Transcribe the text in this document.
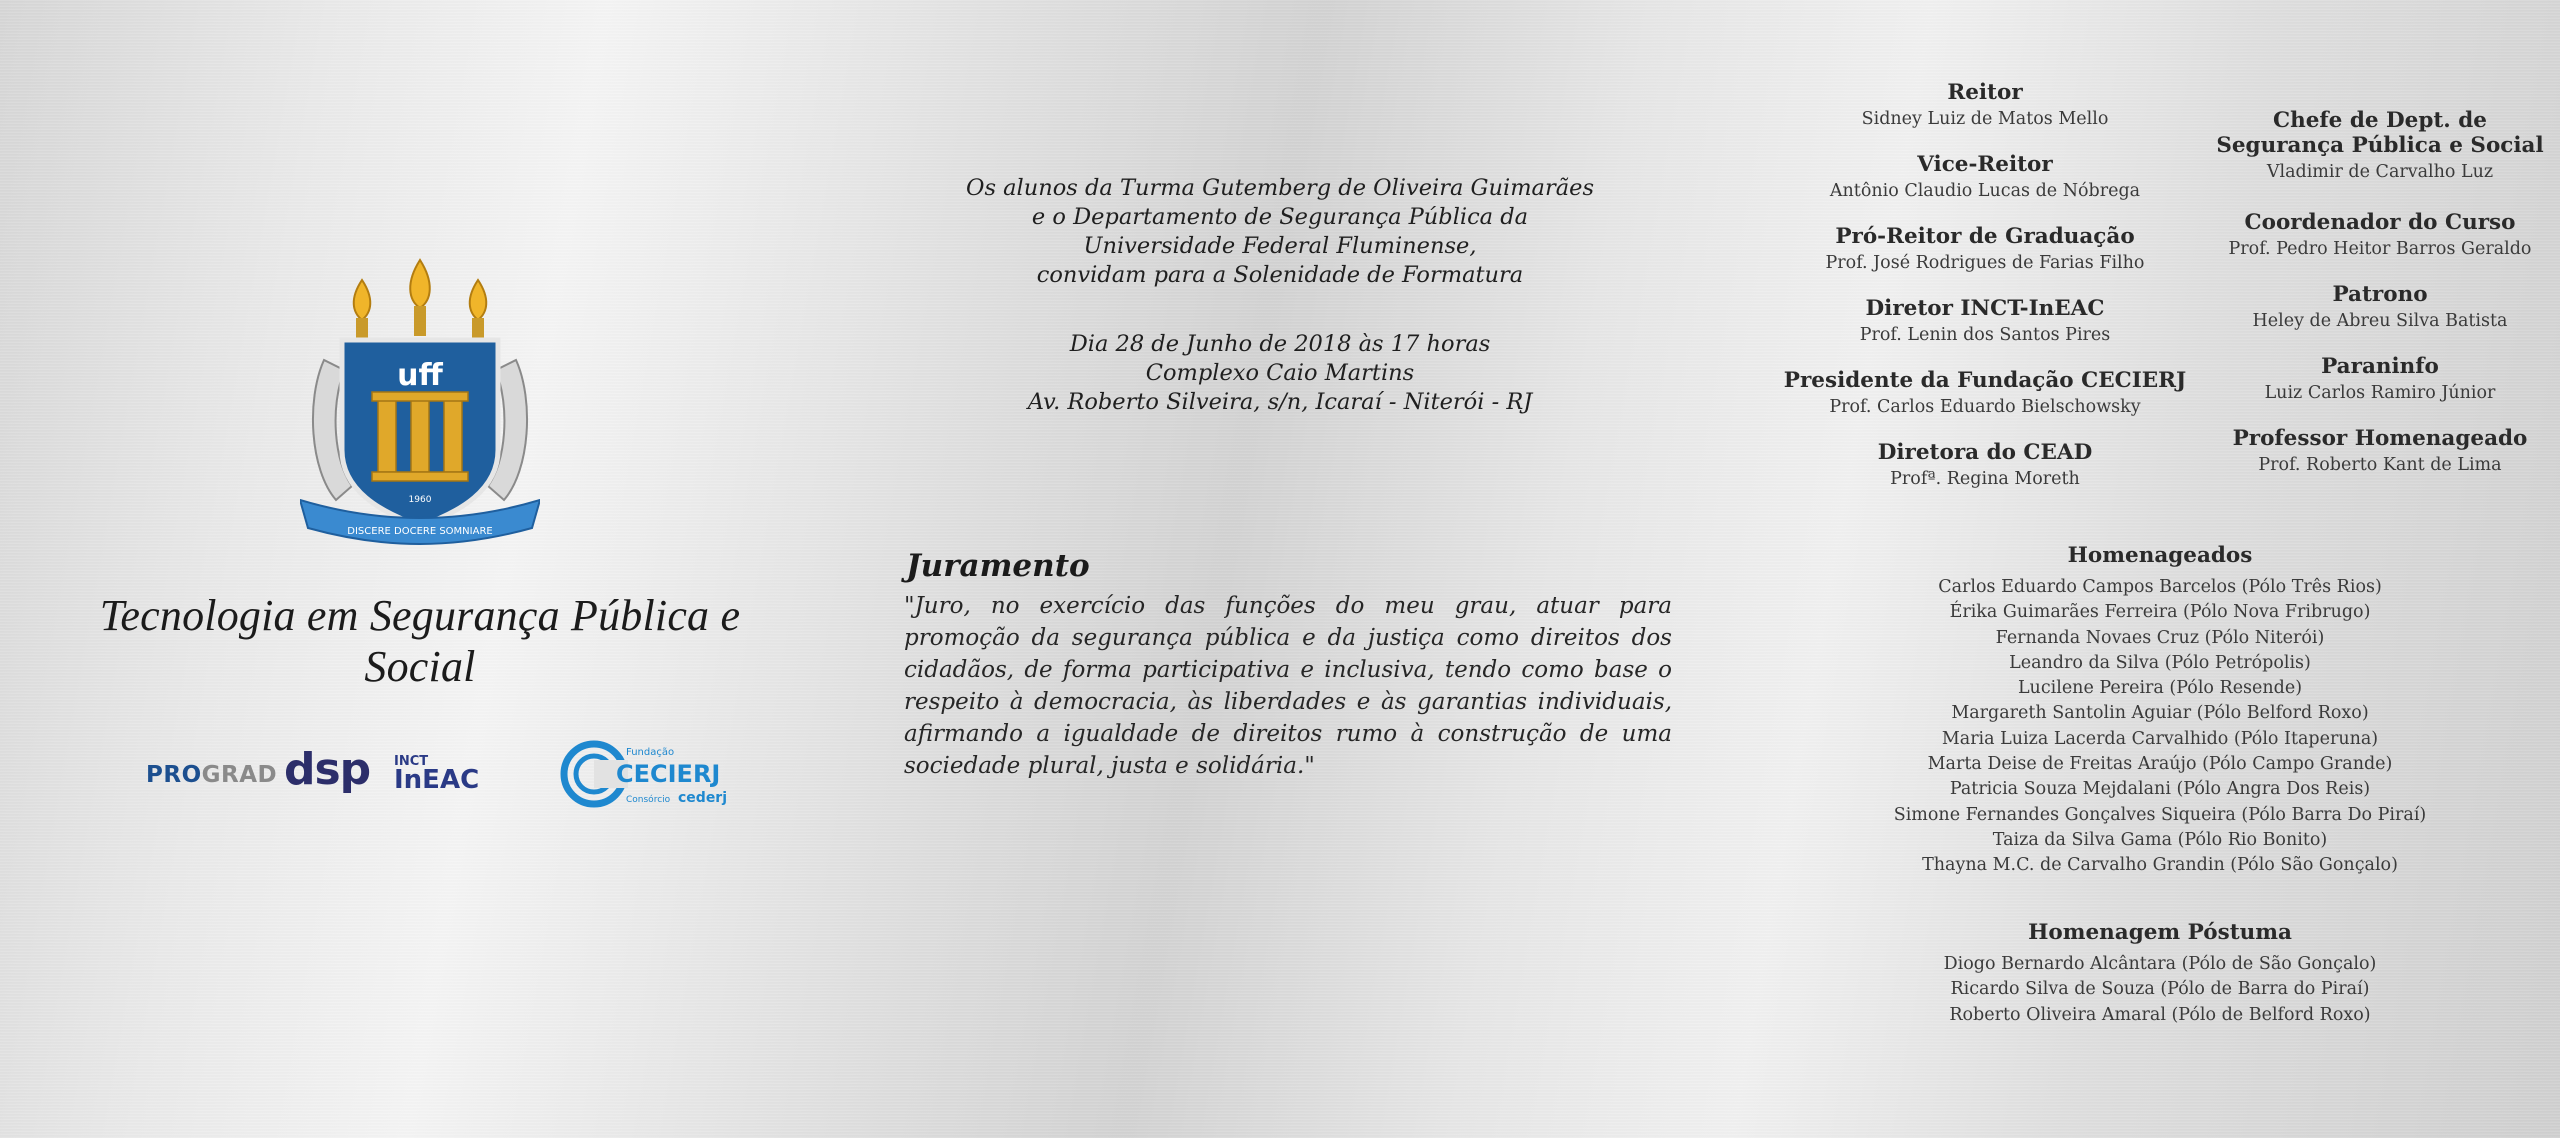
uff
1960
DISCERE DOCERE SOMNIARE
Tecnologia em Segurança Pública e Social
PROGRAD dsp INCT
InEAC
Fundação
CECIERJ
Consórcio cederj

Os alunos da Turma Gutemberg de Oliveira Guimarães

e o Departamento de Segurança Pública da

Universidade Federal Fluminense,

convidam para a Solenidade de Formatura

Dia 28 de Junho de 2018 às 17 horas

Complexo Caio Martins

Av. Roberto Silveira, s/n, Icaraí - Niterói - RJ

Juramento

"Juro, no exercício das funções do meu grau, atuar para promoção da segurança pública e da justiça como direitos dos cidadãos, de forma participativa e inclusiva, tendo como base o respeito à democracia, às liberdades e às garantias individuais, afirmando a igualdade de direitos rumo à construção de uma sociedade plural, justa e solidária."

Reitor
Sidney Luiz de Matos Mello
Vice-Reitor
Antônio Claudio Lucas de Nóbrega
Pró-Reitor de Graduação
Prof. José Rodrigues de Farias Filho
Diretor INCT-InEAC
Prof. Lenin dos Santos Pires
Presidente da Fundação CECIERJ
Prof. Carlos Eduardo Bielschowsky
Diretora do CEAD
Profª. Regina Moreth
Chefe de Dept. de
Segurança Pública e Social
Vladimir de Carvalho Luz
Coordenador do Curso
Prof. Pedro Heitor Barros Geraldo
Patrono
Heley de Abreu Silva Batista
Paraninfo
Luiz Carlos Ramiro Júnior
Professor Homenageado
Prof. Roberto Kant de Lima
Homenageados
Carlos Eduardo Campos Barcelos (Pólo Três Rios)
Érika Guimarães Ferreira (Pólo Nova Fribrugo)
Fernanda Novaes Cruz (Pólo Niterói)
Leandro da Silva (Pólo Petrópolis)
Lucilene Pereira (Pólo Resende)
Margareth Santolin Aguiar (Pólo Belford Roxo)
Maria Luiza Lacerda Carvalhido (Pólo Itaperuna)
Marta Deise de Freitas Araújo (Pólo Campo Grande)
Patricia Souza Mejdalani (Pólo Angra Dos Reis)
Simone Fernandes Gonçalves Siqueira (Pólo Barra Do Piraí)
Taiza da Silva Gama (Pólo Rio Bonito)
Thayna M.C. de Carvalho Grandin (Pólo São Gonçalo)
Homenagem Póstuma
Diogo Bernardo Alcântara (Pólo de São Gonçalo)
Ricardo Silva de Souza (Pólo de Barra do Piraí)
Roberto Oliveira Amaral (Pólo de Belford Roxo)
